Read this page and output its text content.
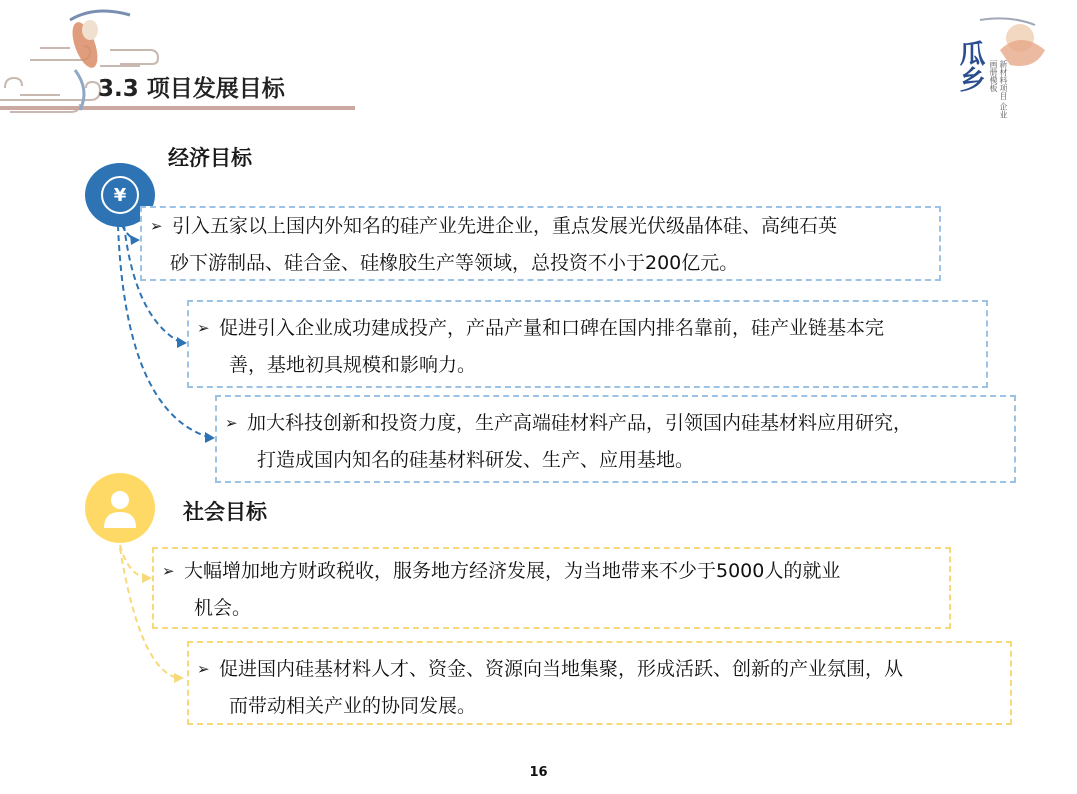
3.3 项目发展目标	瓜乡	新材料项目 企业画册模板
¥
经济目标
➢ 引入五家以上国内外知名的硅产业先进企业，重点发展光伏级晶体硅、高纯石英
砂下游制品、硅合金、硅橡胶生产等领域，总投资不小于200亿元。
➢ 促进引入企业成功建成投产，产品产量和口碑在国内排名靠前，硅产业链基本完
善，基地初具规模和影响力。
➢ 加大科技创新和投资力度，生产高端硅材料产品，引领国内硅基材料应用研究，
打造成国内知名的硅基材料研发、生产、应用基地。
社会目标
➢ 大幅增加地方财政税收，服务地方经济发展，为当地带来不少于5000人的就业
机会。
➢ 促进国内硅基材料人才、资金、资源向当地集聚，形成活跃、创新的产业氛围，从
而带动相关产业的协同发展。
16
